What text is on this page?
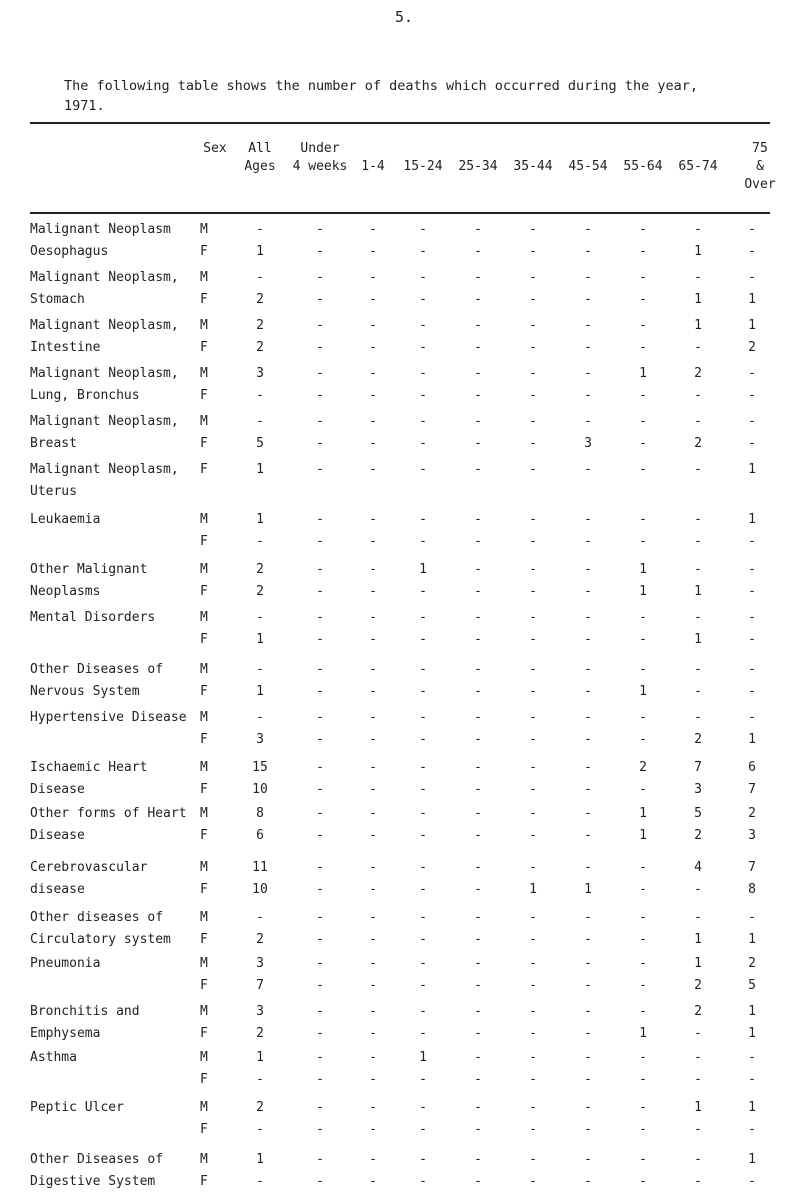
5.
The following table shows the number of deaths which occurred during the year, 1971.
Sex	All
Ages
Under
4 weeks	1-4	15-24	25-34	35-44	45-54	55-64	65-74
75
&
Over
Malignant Neoplasm M	-	-	-	-	-	-	-	-	-	-
Oesophagus	F	1	-	-	-	-	-	-	-	1	-
Malignant Neoplasm, M	-	-	-	-	-	-	-	-	-	-
Stomach	F	2	-	-	-	-	-	-	-	1	1
Malignant Neoplasm, M	2	-	-	-	-	-	-	-	1	1
Intestine	F	2	-	-	-	-	-	-	-	-	2
Malignant Neoplasm, M	3	-	-	-	-	-	-	1	2	-
Lung, Bronchus	F	-	-	-	-	-	-	-	-	-	-
Malignant Neoplasm, M	-	-	-	-	-	-	-	-	-	-
Breast	F	5	-	-	-	-	-	3	-	2	-
Malignant Neoplasm, F	1	-	-	-	-	-	-	-	-	1
Uterus
Leukaemia	M	1	-	-	-	-	-	-	-	-	1
F	-	-	-	-	-	-	-	-	-	-
Other Malignant	M	2	-	-	1	-	-	-	1	-	-
Neoplasms	F	2	-	-	-	-	-	-	1	1	-
Mental Disorders	M	-	-	-	-	-	-	-	-	-	-
F	1	-	-	-	-	-	-	-	1	-
Other Diseases of	M	-	-	-	-	-	-	-	-	-	-
Nervous System	F	1	-	-	-	-	-	-	1	-	-
Hypertensive Disease M	-	-	-	-	-	-	-	-	-	-
F	3	-	-	-	-	-	-	-	2	1
Ischaemic Heart	M	15	-	-	-	-	-	-	2	7	6
Disease	F	10	-	-	-	-	-	-	-	3	7
Other forms of Heart M	8	-	-	-	-	-	-	1	5	2
Disease	F	6	-	-	-	-	-	-	1	2	3
Cerebrovascular	M	11	-	-	-	-	-	-	-	4	7
disease	F	10	-	-	-	-	1	1	-	-	8
Other diseases of	M	-	-	-	-	-	-	-	-	-	-
Circulatory system F	2	-	-	-	-	-	-	-	1	1
Pneumonia	M	3	-	-	-	-	-	-	-	1	2
F	7	-	-	-	-	-	-	-	2	5
Bronchitis and	M	3	-	-	-	-	-	-	-	2	1
Emphysema	F	2	-	-	-	-	-	-	1	-	1
Asthma	M	1	-	-	1	-	-	-	-	-	-
F	-	-	-	-	-	-	-	-	-	-
Peptic Ulcer	M	2	-	-	-	-	-	-	-	1	1
F	-	-	-	-	-	-	-	-	-	-
Other Diseases of	M	1	-	-	-	-	-	-	-	-	1
Digestive System	F	-	-	-	-	-	-	-	-	-	-
